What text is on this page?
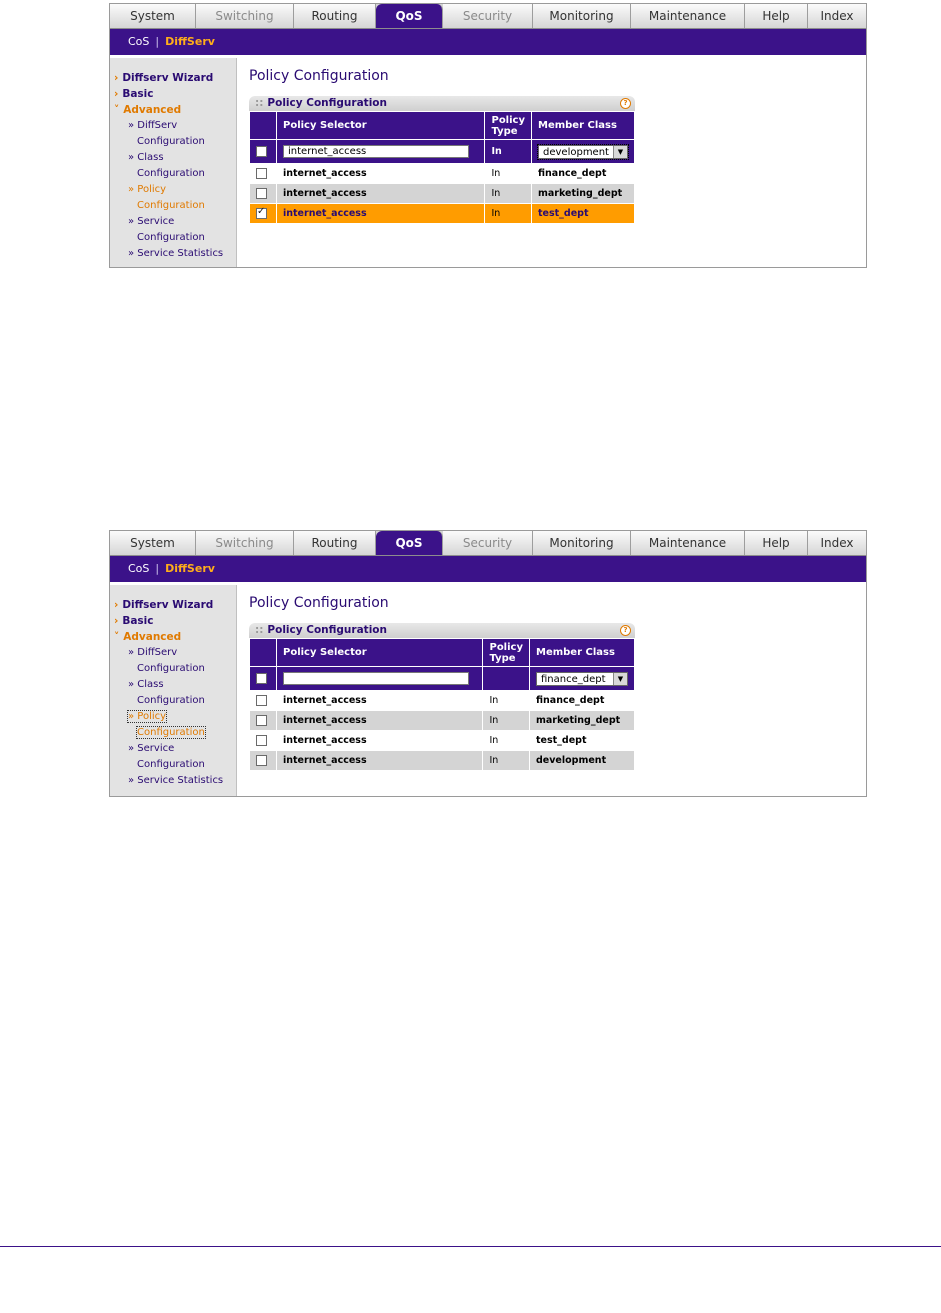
System	Switching	Routing	QoS	Security	Monitoring	Maintenance	Help	Index
CoS | DiffServ
› Diffserv Wizard
› Basic
˅ Advanced
» DiffServ
Configuration
» Class
Configuration
» Policy
Configuration
» Service
Configuration
» Service Statistics
Policy Configuration
:: Policy Configuration	?
	Policy Selector	Policy Type	Member Class
	internet_access	In	development ▼

	internet_access	In	finance_dept
	internet_access	In	marketing_dept
✓	internet_access	In	test_dept
System	Switching	Routing	QoS	Security	Monitoring	Maintenance	Help	Index
CoS | DiffServ
› Diffserv Wizard
› Basic
˅ Advanced
» DiffServ
Configuration
» Class
Configuration
» Policy
Configuration
» Service
Configuration
» Service Statistics
Policy Configuration
:: Policy Configuration	?
	Policy Selector	Policy Type	Member Class
			finance_dept ▼

	internet_access	In	finance_dept
	internet_access	In	marketing_dept
	internet_access	In	test_dept
	internet_access	In	development
